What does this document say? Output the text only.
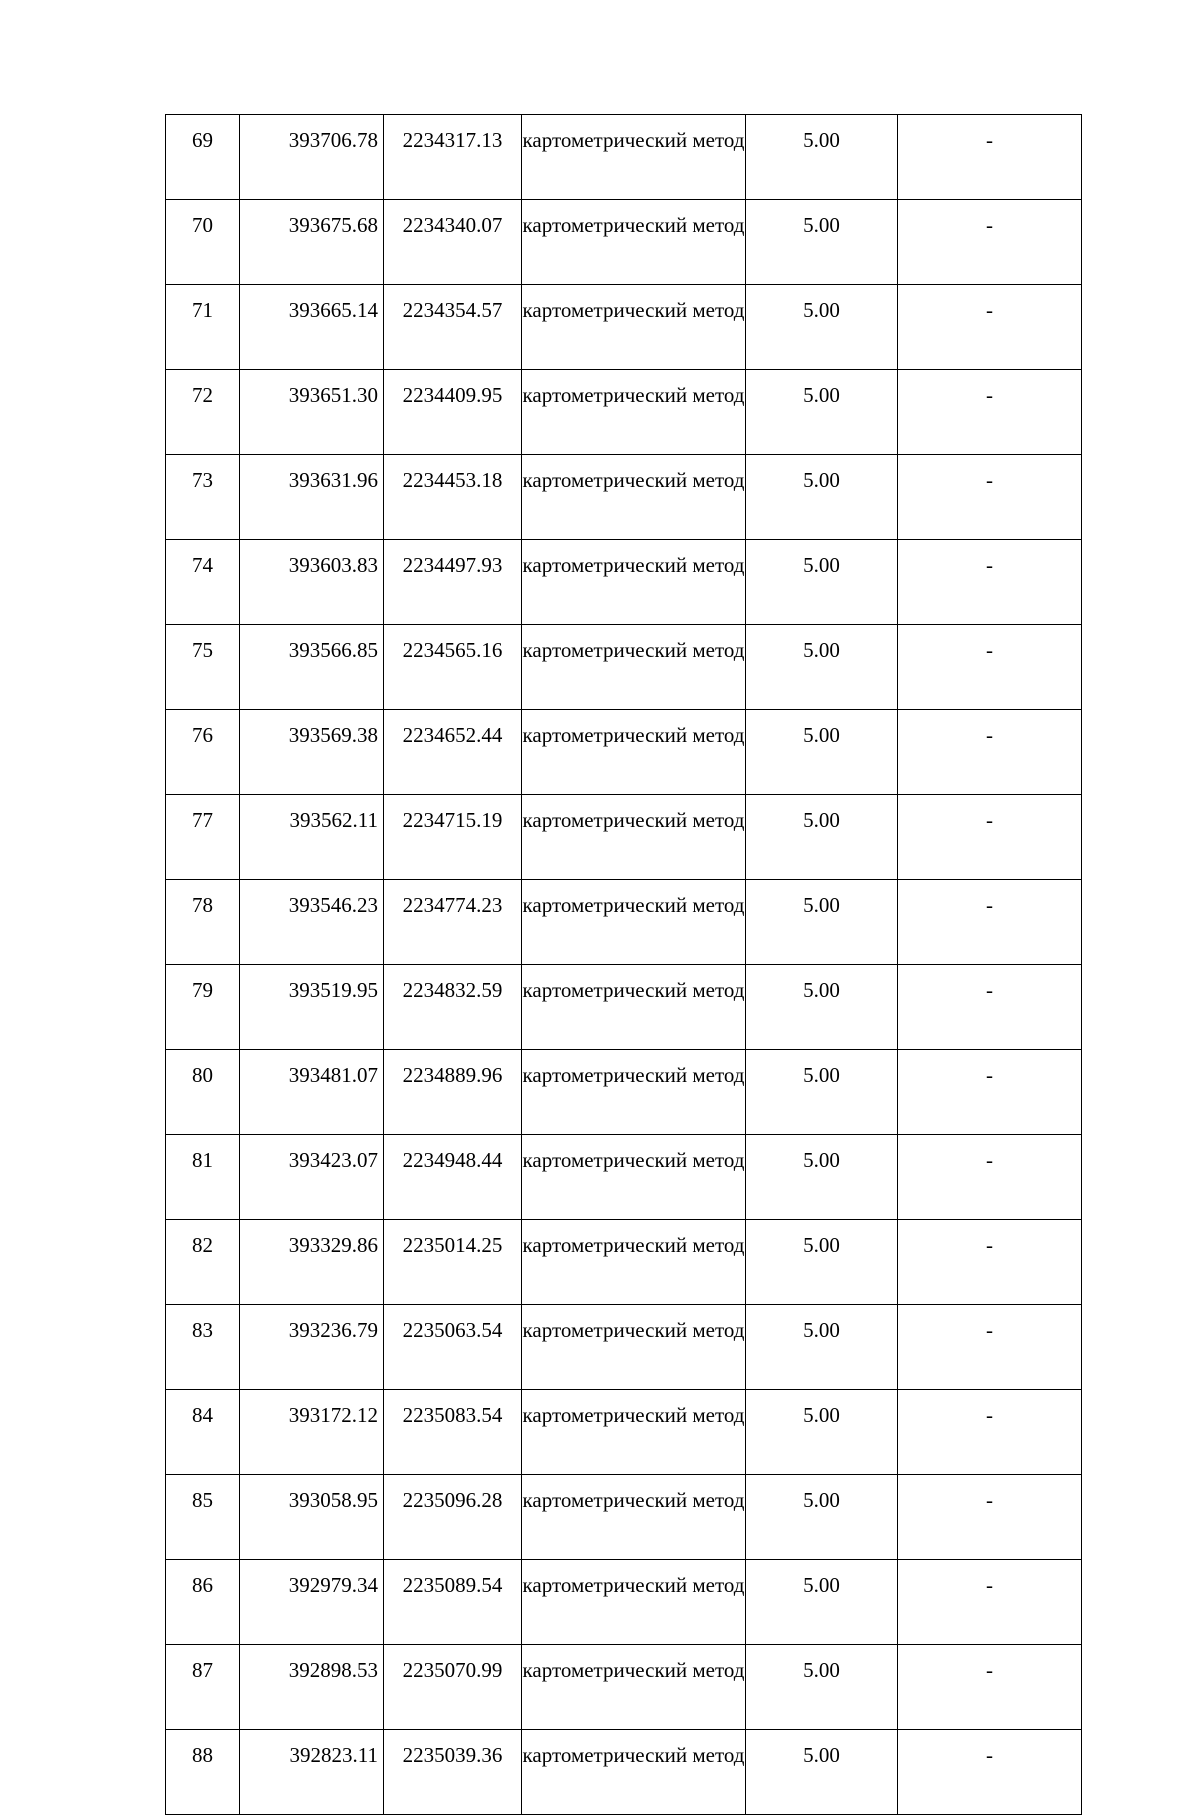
69	393706.78	2234317.13	картометрический метод	5.00	-
70	393675.68	2234340.07	картометрический метод	5.00	-
71	393665.14	2234354.57	картометрический метод	5.00	-
72	393651.30	2234409.95	картометрический метод	5.00	-
73	393631.96	2234453.18	картометрический метод	5.00	-
74	393603.83	2234497.93	картометрический метод	5.00	-
75	393566.85	2234565.16	картометрический метод	5.00	-
76	393569.38	2234652.44	картометрический метод	5.00	-
77	393562.11	2234715.19	картометрический метод	5.00	-
78	393546.23	2234774.23	картометрический метод	5.00	-
79	393519.95	2234832.59	картометрический метод	5.00	-
80	393481.07	2234889.96	картометрический метод	5.00	-
81	393423.07	2234948.44	картометрический метод	5.00	-
82	393329.86	2235014.25	картометрический метод	5.00	-
83	393236.79	2235063.54	картометрический метод	5.00	-
84	393172.12	2235083.54	картометрический метод	5.00	-
85	393058.95	2235096.28	картометрический метод	5.00	-
86	392979.34	2235089.54	картометрический метод	5.00	-
87	392898.53	2235070.99	картометрический метод	5.00	-
88	392823.11	2235039.36	картометрический метод	5.00	-
